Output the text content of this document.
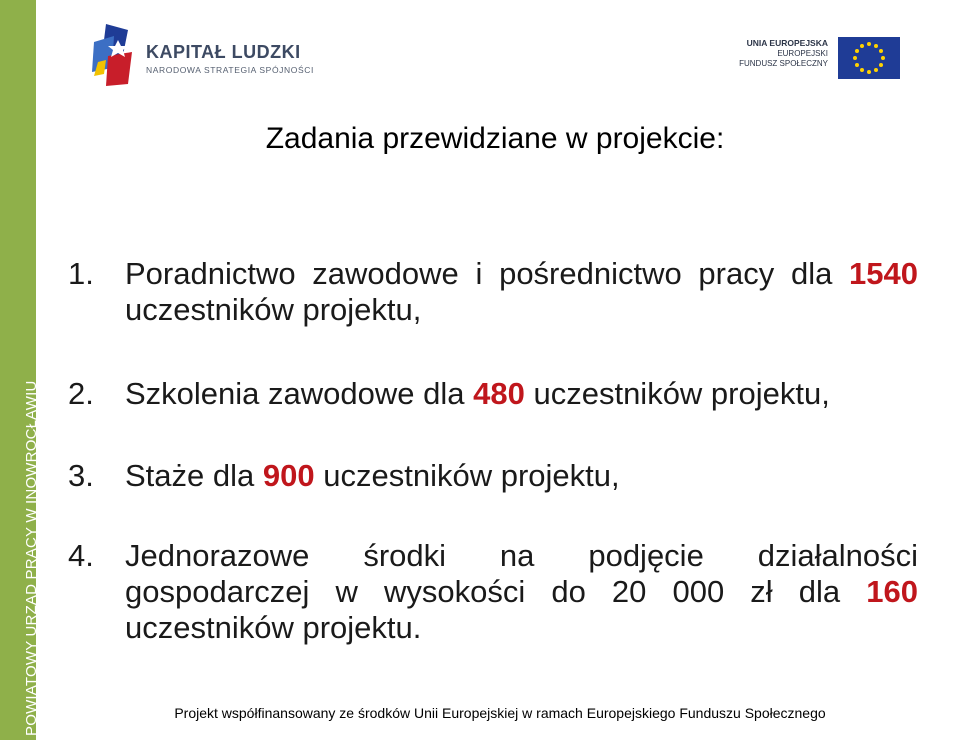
POWIATOWY URZĄD PRACY W INOWROCŁAWIU
KAPITAŁ LUDZKI
NARODOWA STRATEGIA SPÓJNOŚCI
UNIA EUROPEJSKA
EUROPEJSKI
FUNDUSZ SPOŁECZNY
Zadania przewidziane w projekcie:
1. Poradnictwo zawodowe i pośrednictwo pracy dla 1540 uczestników projektu,
2. Szkolenia zawodowe dla 480 uczestników projektu,
3. Staże dla 900 uczestników projektu,
4. Jednorazowe środki na podjęcie działalności
gospodarczej w wysokości do 20 000 zł dla 160 uczestników projektu.
Projekt współfinansowany ze środków Unii Europejskiej w ramach Europejskiego Funduszu Społecznego
